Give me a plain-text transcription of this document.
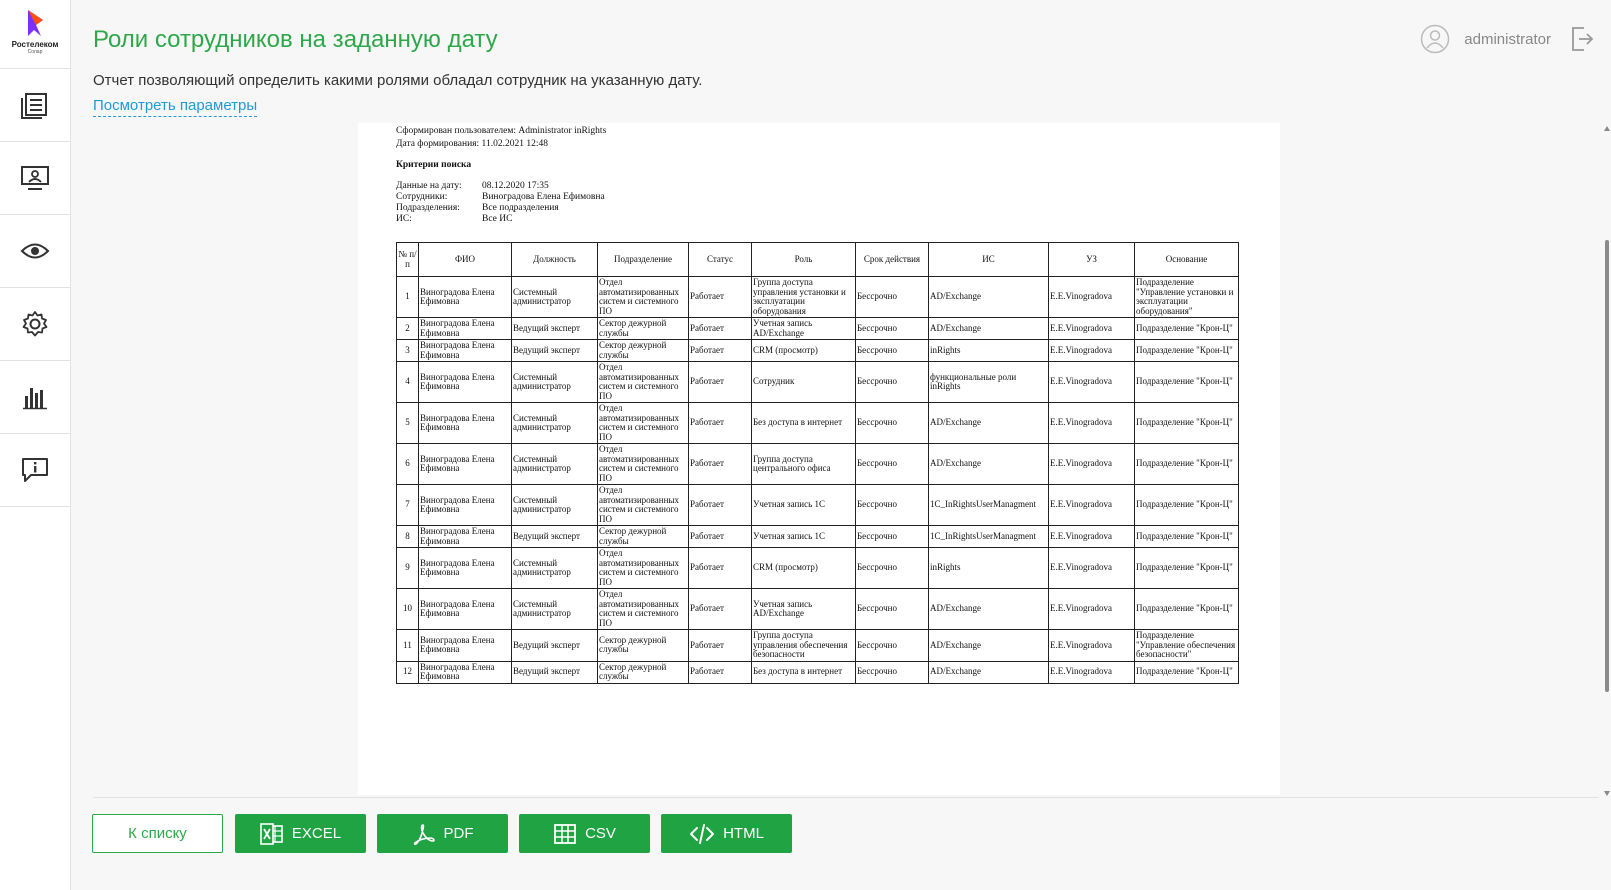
Ростелеком
Солар Роли сотрудников на заданную дату
Отчет позволяющий определить какими ролями обладал сотрудник на указанную дату.
Посмотреть параметры
administrator
Сформирован пользователем: Administrator inRights
Дата формирования: 11.02.2021 12:48
Критерии поиска
Данные на дату: 08.12.2020 17:35
Сотрудники:	Виноградова Елена Ефимовна
Подразделения: Все подразделения
ИС:	Все ИС
№ п/п	ФИО	Должность	Подразделение	Статус	Роль	Срок действия	ИС	УЗ	Основание
1	Виноградова Елена Ефимовна	Системный администратор	Отдел автоматизированных систем и системного ПО	Работает	Группа доступа управления установки и эксплуатации оборудования	Бессрочно	AD/Exchange	E.E.Vinogradova	Подразделение "Управление установки и эксплуатации оборудования"
2	Виноградова Елена Ефимовна	Ведущий эксперт	Сектор дежурной службы	Работает	Учетная запись AD/Exchange	Бессрочно	AD/Exchange	E.E.Vinogradova	Подразделение "Крон-Ц"
3	Виноградова Елена Ефимовна	Ведущий эксперт	Сектор дежурной службы	Работает	CRM (просмотр)	Бессрочно	inRights	E.E.Vinogradova	Подразделение "Крон-Ц"
4	Виноградова Елена Ефимовна	Системный администратор	Отдел автоматизированных систем и системного ПО	Работает	Сотрудник	Бессрочно	функциональные роли inRights	E.E.Vinogradova	Подразделение "Крон-Ц"
5	Виноградова Елена Ефимовна	Системный администратор	Отдел автоматизированных систем и системного ПО	Работает	Без доступа в интернет	Бессрочно	AD/Exchange	E.E.Vinogradova	Подразделение "Крон-Ц"
6	Виноградова Елена Ефимовна	Системный администратор	Отдел автоматизированных систем и системного ПО	Работает	Группа доступа центрального офиса	Бессрочно	AD/Exchange	E.E.Vinogradova	Подразделение "Крон-Ц"
7	Виноградова Елена Ефимовна	Системный администратор	Отдел автоматизированных систем и системного ПО	Работает	Учетная запись 1С	Бессрочно	1C_InRightsUserManagment	E.E.Vinogradova	Подразделение "Крон-Ц"
8	Виноградова Елена Ефимовна	Ведущий эксперт	Сектор дежурной службы	Работает	Учетная запись 1С	Бессрочно	1C_InRightsUserManagment	E.E.Vinogradova	Подразделение "Крон-Ц"
9	Виноградова Елена Ефимовна	Системный администратор	Отдел автоматизированных систем и системного ПО	Работает	CRM (просмотр)	Бессрочно	inRights	E.E.Vinogradova	Подразделение "Крон-Ц"
10	Виноградова Елена Ефимовна	Системный администратор	Отдел автоматизированных систем и системного ПО	Работает	Учетная запись AD/Exchange	Бессрочно	AD/Exchange	E.E.Vinogradova	Подразделение "Крон-Ц"
11	Виноградова Елена Ефимовна	Ведущий эксперт	Сектор дежурной службы	Работает	Группа доступа управления обеспечения безопасности	Бессрочно	AD/Exchange	E.E.Vinogradova	Подразделение "Управление обеспечения безопасности"
12	Виноградова Елена Ефимовна	Ведущий эксперт	Сектор дежурной службы	Работает	Без доступа в интернет	Бессрочно	AD/Exchange	E.E.Vinogradova	Подразделение "Крон-Ц"
К списку	EXCEL	PDF	CSV	HTML
